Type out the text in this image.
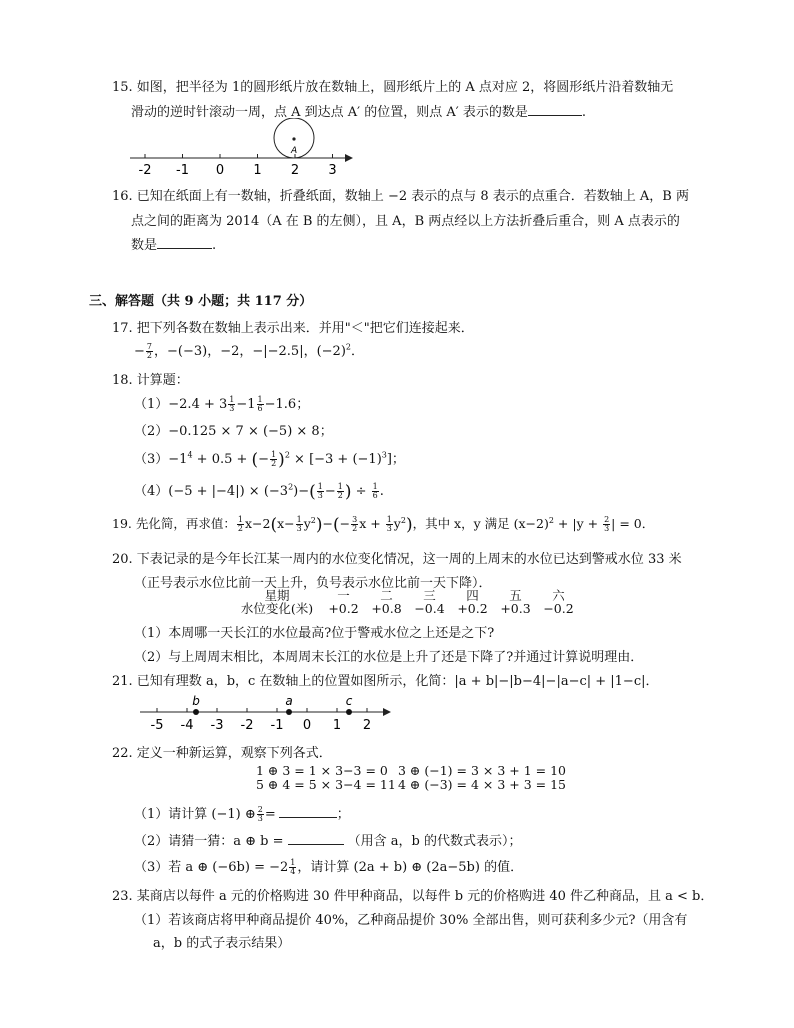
15. 如图，把半径为 1的圆形纸片放在数轴上，圆形纸片上的 A 点对应 2，将圆形纸片沿着数轴无
滑动的逆时针滚动一周，点 A 到达点 A′ 的位置，则点 A′ 表示的数是	.
-2 -1 0 1 2 3
A
16. 已知在纸面上有一数轴，折叠纸面，数轴上 −2 表示的点与 8 表示的点重合．若数轴上 A，B 两
点之间的距离为 2014（A 在 B 的左侧），且 A，B 两点经以上方法折叠后重合，则 A 点表示的
数是	.
三、解答题（共 9 小题；共 117 分）
17. 把下列各数在数轴上表示出来．并用"＜"把它们连接起来．
− $\frac{7}{2}$ ，−(−3)，−2，−|−2.5|，$(-2)^2$．
18. 计算题：
$(1)-2.4 + 3 \frac{1}{3} -1 \frac{1}{6} -1.6$；
（2）−0.125 × 7 × (−5) × 8；
$(3)-1^4 + 0.5$ + (− $\frac{1}{2} )^2 \times [-3 + (-1)^3]$；
$(4)(-5 + |-4|) \times (-3^2)-( \frac{1}{3} - \frac{1}{2}$ ) ÷ $\frac{1}{6}$ .
19. 先化简，再求值： $\frac{1}{2} x-2(x- \frac{1}{3} y^2)-(- \frac{3}{2}$ $x + \frac{1}{3} y^2$)，其中 x，y 满足 $(x-2)^2 + |y + \frac{2}{3}$ | = 0．
20. 下表记录的是今年长江某一周内的水位变化情况，这一周的上周末的水位已达到警戒水位 33 米
（正号表示水位比前一天上升，负号表示水位比前一天下降）．
星期	一	二	三	四	五	六
水位变化(米)	+0.2	+0.8	−0.4	+0.2	+0.3	−0.2
（1）本周哪一天长江的水位最高?位于警戒水位之上还是之下?
（2）与上周周末相比，本周周末长江的水位是上升了还是下降了?并通过计算说明理由．
21. 已知有理数 a，b，c 在数轴上的位置如图所示，化简：|a + b|−|b−4|−|a−c| + |1−c|．
-5 -4 -3 -2 -1 0 1 2
b	a	c
22. 定义一种新运算，观察下列各式．
1 ⊕ 3 = 1 × 3−3 = 0
5 ⊕ 4 = 5 × 3−4 = 11
3 ⊕ (−1) = 3 × 3 + 1 = 10
4 ⊕ (−3) = 4 × 3 + 3 = 15
（1）请计算 (−1) ⊕ $\frac{2}{3}$ =	；
（2）请猜一猜：a ⊕ b =	（用含 a，b 的代数式表示）；
（3）若 a ⊕ $(-6b) = -2 \frac{1}{4}$ ，请计算 (2a + b) ⊕ (2a−5b) 的值．
23. 某商店以每件 a 元的价格购进 30 件甲种商品，以每件 b 元的价格购进 40 件乙种商品，且 a < b．
（1）若该商店将甲种商品提价 40%，乙种商品提价 30% 全部出售，则可获利多少元?（用含有
a，b 的式子表示结果）
